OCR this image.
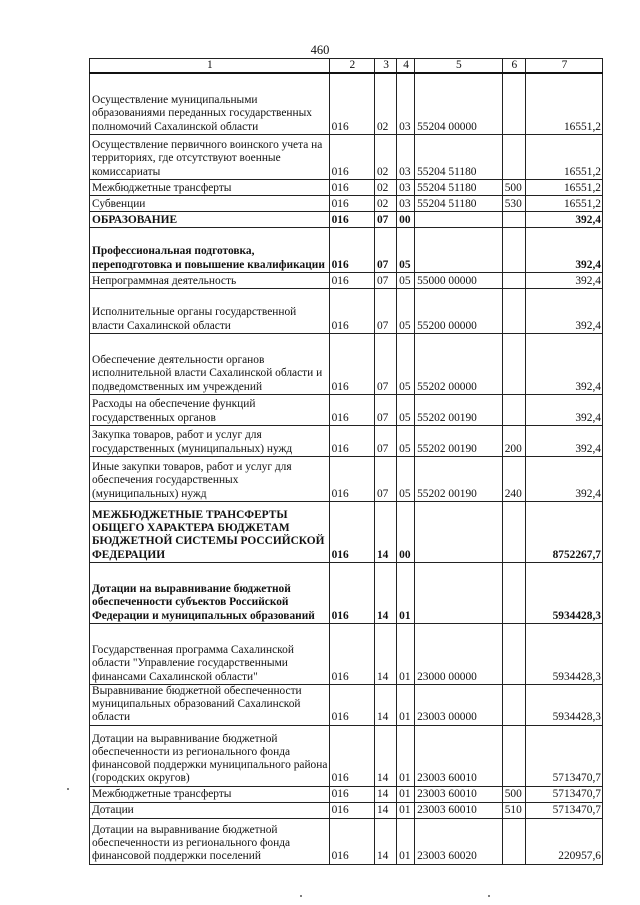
460
1	2	3	4	5	6	7
Осуществление муниципальными образованиями переданных государственных полномочий Сахалинской области	016	02	03	55204 00000		16551,2
Осуществление первичного воинского учета на территориях, где отсутствуют военные комиссариаты	016	02	03	55204 51180		16551,2
Межбюджетные трансферты	016	02	03	55204 51180	500	16551,2
Субвенции	016	02	03	55204 51180	530	16551,2
ОБРАЗОВАНИЕ	016	07	00			392,4
Профессиональная подготовка, переподготовка и повышение квалификации	016	07	05			392,4
Непрограммная деятельность	016	07	05	55000 00000		392,4
Исполнительные органы государственной власти Сахалинской области	016	07	05	55200 00000		392,4
Обеспечение деятельности органов исполнительной власти Сахалинской области и подведомственных им учреждений	016	07	05	55202 00000		392,4
Расходы на обеспечение функций государственных органов	016	07	05	55202 00190		392,4
Закупка товаров, работ и услуг для государственных (муниципальных) нужд	016	07	05	55202 00190	200	392,4
Иные закупки товаров, работ и услуг для обеспечения государственных (муниципальных) нужд	016	07	05	55202 00190	240	392,4
МЕЖБЮДЖЕТНЫЕ ТРАНСФЕРТЫ ОБЩЕГО ХАРАКТЕРА БЮДЖЕТАМ БЮДЖЕТНОЙ СИСТЕМЫ РОССИЙСКОЙ ФЕДЕРАЦИИ	016	14	00			8752267,7
Дотации на выравнивание бюджетной обеспеченности субъектов Российской Федерации и муниципальных образований	016	14	01			5934428,3
Государственная программа Сахалинской области "Управление государственными финансами Сахалинской области"	016	14	01	23000 00000		5934428,3
Выравнивание бюджетной обеспеченности муниципальных образований Сахалинской области	016	14	01	23003 00000		5934428,3
Дотации на выравнивание бюджетной обеспеченности из регионального фонда финансовой поддержки муниципального района (городских округов)	016	14	01	23003 60010		5713470,7
Межбюджетные трансферты	016	14	01	23003 60010	500	5713470,7
Дотации	016	14	01	23003 60010	510	5713470,7
Дотации на выравнивание бюджетной обеспеченности из регионального фонда финансовой поддержки поселений	016	14	01	23003 60020		220957,6
